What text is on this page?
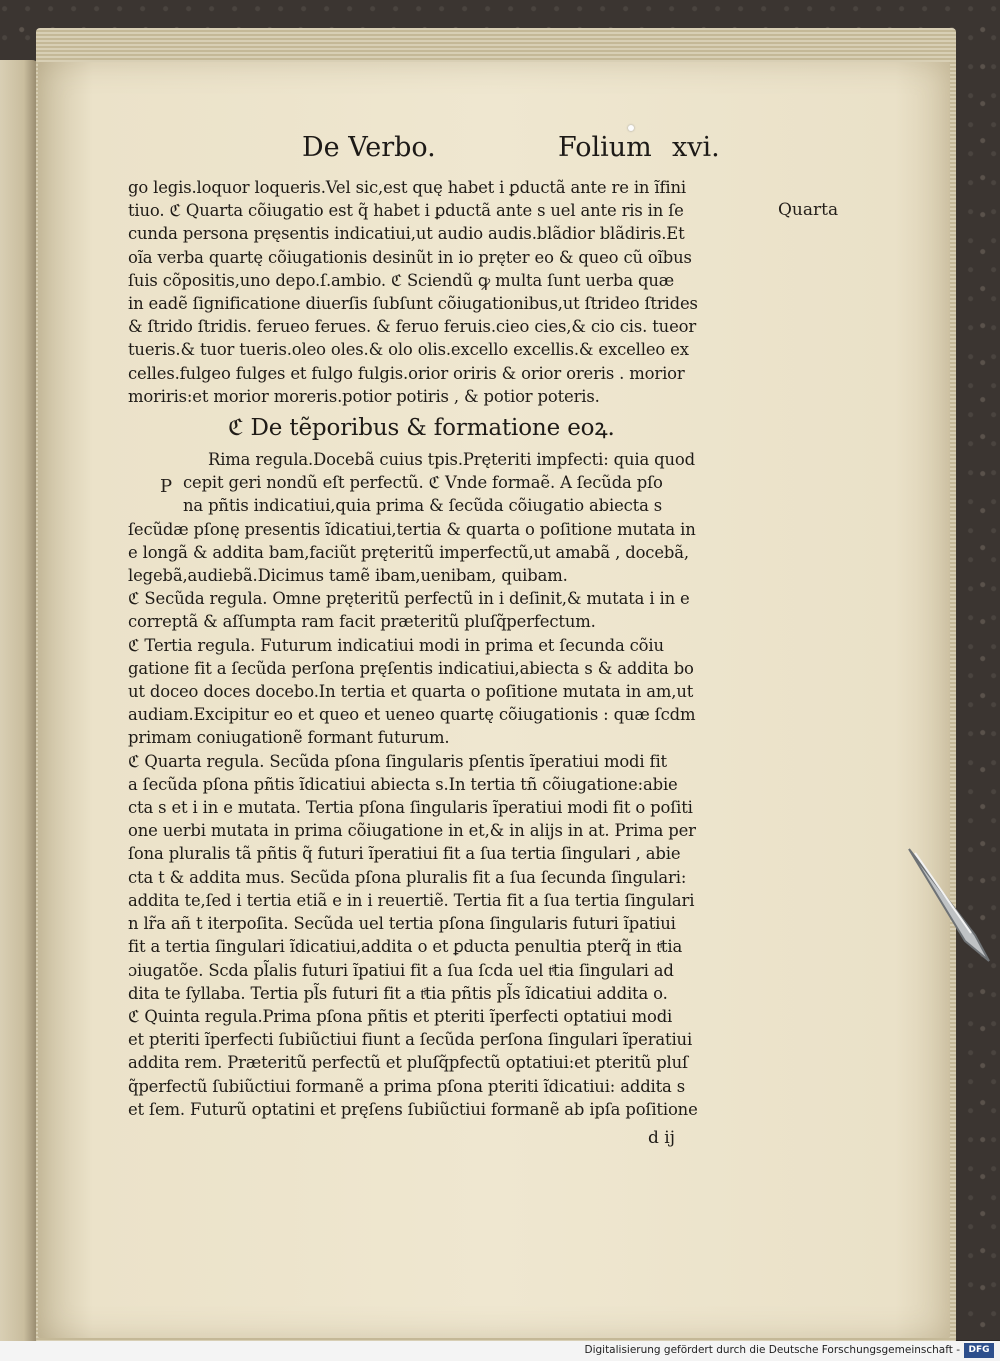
De Verbo.	Folium xvi.
Quarta
P
go legis.loquor loqueris.Vel sic,est quę habet i ꝑductã ante re in ĩfini
tiuo. ℭ Quarta cõiugatio est q̃ habet i ꝑductã ante s uel ante ris in ſe
cunda persona pręsentis indicatiui,ut audio audis.blãdior blãdiris.Et
oĩa verba quartę cõiugationis desinũt in io pręter eo & queo cũ oĩbus
ſuis cõpositis,uno depo.ſ.ambio. ℭ Sciendũ ꝙ multa ſunt uerba quæ
in eadẽ ſignificatione diuerſis ſubſunt cõiugationibus,ut ſtrideo ſtrides
& ſtrido ſtridis. ferueo ferues. & feruo feruis.cieo cies,& cio cis. tueor
tueris.& tuor tueris.oleo oles.& olo olis.excello excellis.& excelleo ex
celles.fulgeo fulges et fulgo fulgis.orior oriris & orior oreris . morior
moriris:et morior moreris.potior potiris , & potior poteris.
ℭ De tẽporibus & formatione eoꝝ.
Rima regula.Docebã cuius tpis.Pręteriti impfecti: quia quod
cepit geri nondũ eſt perfectũ. ℭ Vnde formaẽ. A ſecũda pſo
na pñtis indicatiui,quia prima & ſecũda cõiugatio abiecta s
ſecũdæ pſonę presentis ĩdicatiui,tertia & quarta o poſitione mutata in
e longã & addita bam,faciũt pręteritũ imperfectũ,ut amabã , docebã,
legebã,audiebã.Dicimus tamẽ ibam,uenibam, quibam.
ℭ Secũda regula. Omne pręteritũ perfectũ in i deſinit,& mutata i in e
correptã & aſſumpta ram facit præteritũ pluſq̃perfectum.
ℭ Tertia regula. Futurum indicatiui modi in prima et ſecunda cõiu
gatione fit a ſecũda perſona pręſentis indicatiui,abiecta s & addita bo
ut doceo doces docebo.In tertia et quarta o poſitione mutata in am,ut
audiam.Excipitur eo et queo et ueneo quartę cõiugationis : quæ ſcdm
primam coniugationẽ formant futurum.
ℭ Quarta regula. Secũda pſona ſingularis pſentis ĩperatiui modi fit
a ſecũda pſona pñtis ĩdicatiui abiecta s.In tertia tñ cõiugatione:abie
cta s et i in e mutata. Tertia pſona ſingularis ĩperatiui modi fit o poſiti
one uerbi mutata in prima cõiugatione in et,& in alijs in at. Prima per
ſona pluralis tã pñtis q̃ futuri ĩperatiui fit a ſua tertia ſingulari , abie
cta t & addita mus. Secũda pſona pluralis fit a ſua ſecunda ſingulari:
addita te,ſed i tertia etiã e in i reuertiẽ. Tertia fit a ſua tertia ſingulari
n lr̃a añ t iterpoſita. Secũda uel tertia pſona ſingularis futuri ĩpatiui
fit a tertia ſingulari ĩdicatiui,addita o et ꝑducta penultia pterq̃ in tͥtia
ɔiugatõe. Scda pl̃alis futuri ĩpatiui fit a ſua ſcda uel tͥtia ſingulari ad
dita te ſyllaba. Tertia pl̃s futuri fit a tͥtia pñtis pl̃s ĩdicatiui addita o.
ℭ Quinta regula.Prima pſona pñtis et pteriti ĩperfecti optatiui modi
et pteriti ĩperfecti ſubiũctiui fiunt a ſecũda perſona ſingulari ĩperatiui
addita rem. Præteritũ perfectũ et pluſq̃pfectũ optatiui:et pteritũ pluſ
q̃perfectũ ſubiũctiui formanẽ a prima pſona pteriti ĩdicatiui: addita s
et ſem. Futurũ optatini et pręſens ſubiũctiui formanẽ ab ipſa poſitione
d ij
Digitalisierung gefördert durch die Deutsche Forschungsgemeinschaft - DFG
